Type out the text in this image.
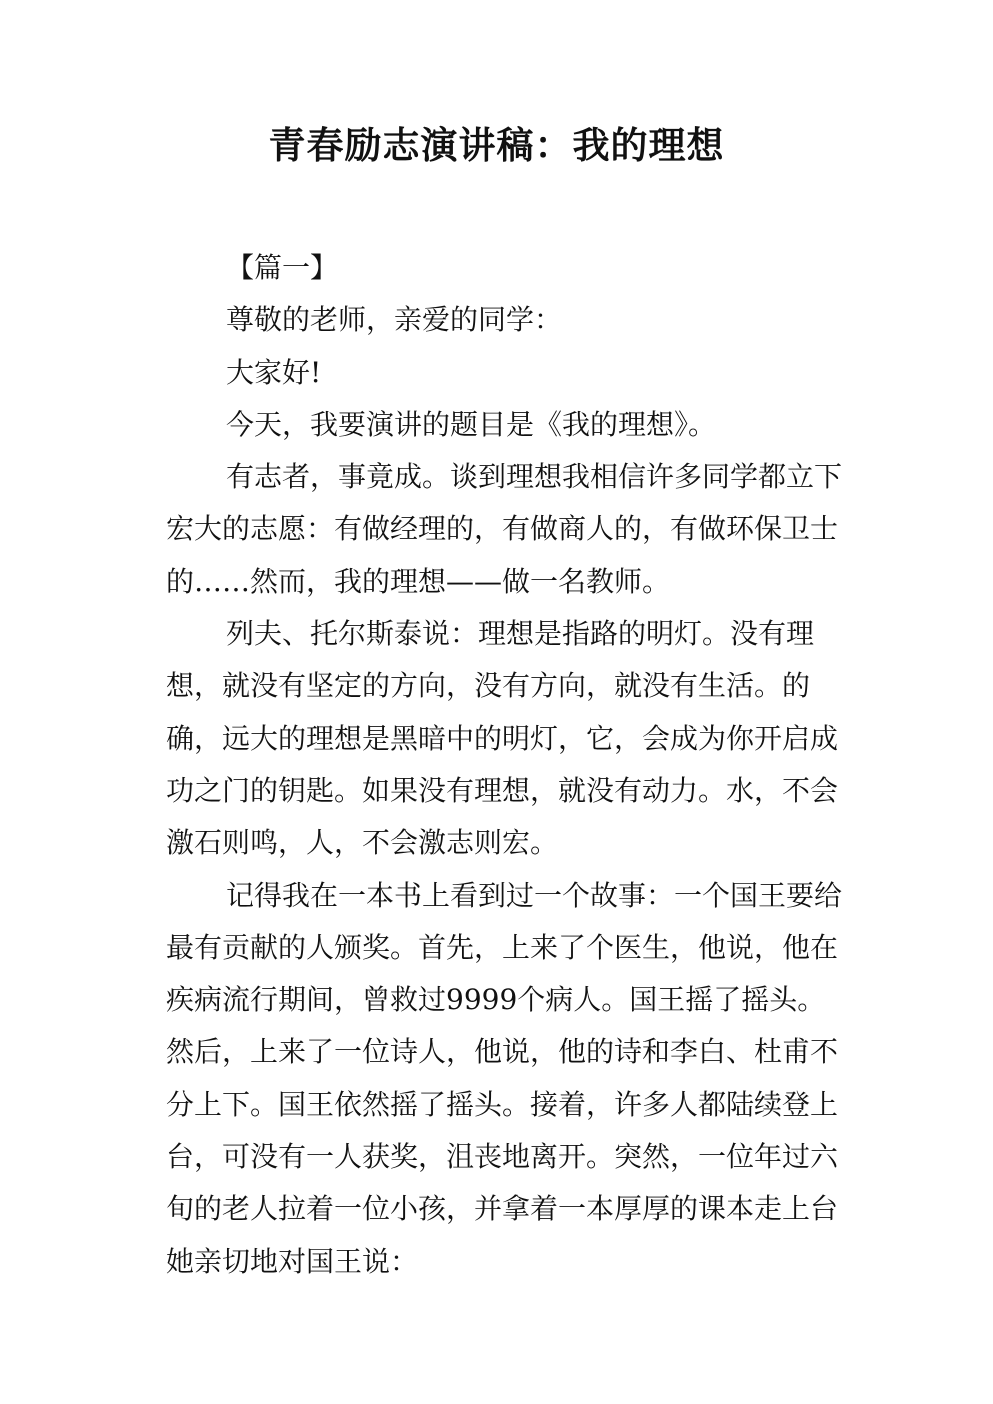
青春励志演讲稿：我的理想

【篇一】

尊敬的老师，亲爱的同学：

大家好!

今天，我要演讲的题目是《我的理想》。

有志者，事竟成。谈到理想我相信许多同学都立下宏大的志愿：有做经理的，有做商人的，有做环保卫士的……然而，我的理想——做一名教师。

列夫、托尔斯泰说：理想是指路的明灯。没有理想，就没有坚定的方向，没有方向，就没有生活。的确，远大的理想是黑暗中的明灯，它，会成为你开启成功之门的钥匙。如果没有理想，就没有动力。水，不会激石则鸣，人，不会激志则宏。

记得我在一本书上看到过一个故事：一个国王要给最有贡献的人颁奖。首先，上来了个医生，他说，他在疾病流行期间，曾救过9999个病人。国王摇了摇头。然后，上来了一位诗人，他说，他的诗和李白、杜甫不分上下。国王依然摇了摇头。接着，许多人都陆续登上台，可没有一人获奖，沮丧地离开。突然，一位年过六旬的老人拉着一位小孩，并拿着一本厚厚的课本走上台她亲切地对国王说：
